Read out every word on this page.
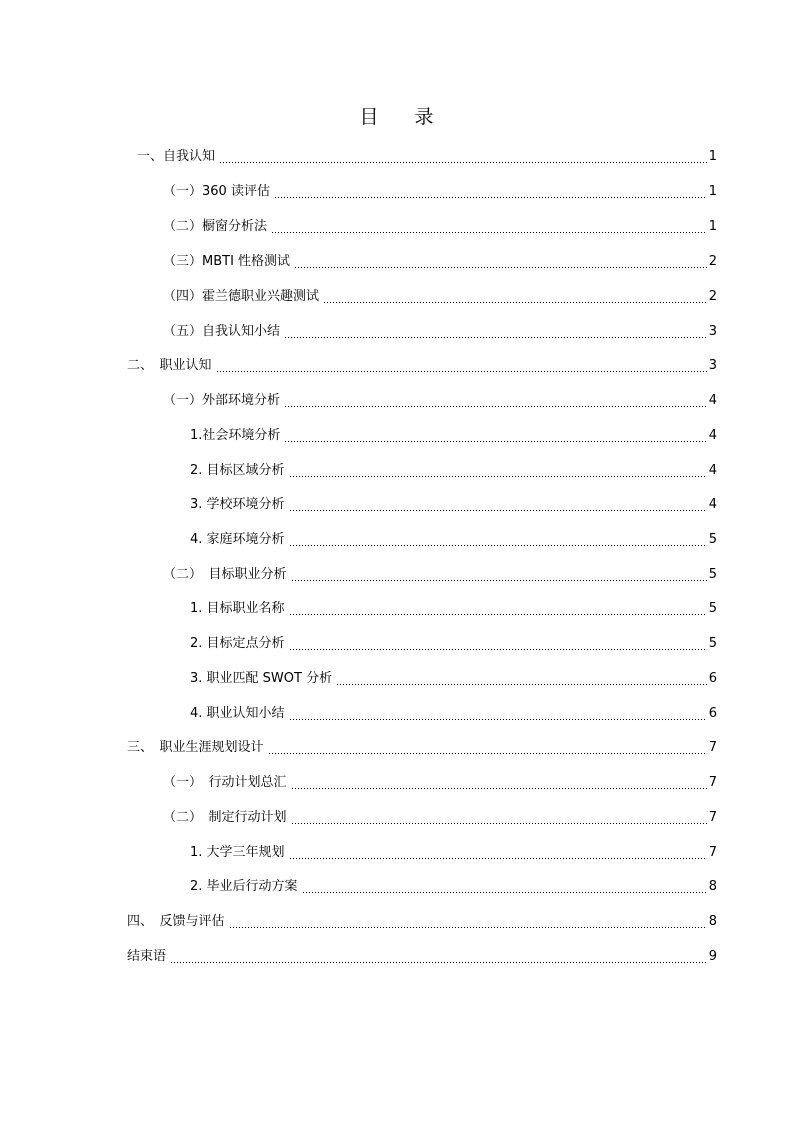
目 录
一、自我认知	1
（一）360 读评估	1
（二）橱窗分析法	1
（三）MBTI 性格测试	2
（四）霍兰德职业兴趣测试	2
（五）自我认知小结	3
二、　职业认知	3
（一）外部环境分析	4
1.社会环境分析	4
2. 目标区域分析	4
3. 学校环境分析	4
4. 家庭环境分析	5
（二）　目标职业分析	5
1. 目标职业名称	5
2. 目标定点分析	5
3. 职业匹配 SWOT 分析	6
4. 职业认知小结	6
三、　职业生涯规划设计	7
（一）　行动计划总汇	7
（二）　制定行动计划	7
1. 大学三年规划	7
2. 毕业后行动方案	8
四、　反馈与评估	8
结束语	9
